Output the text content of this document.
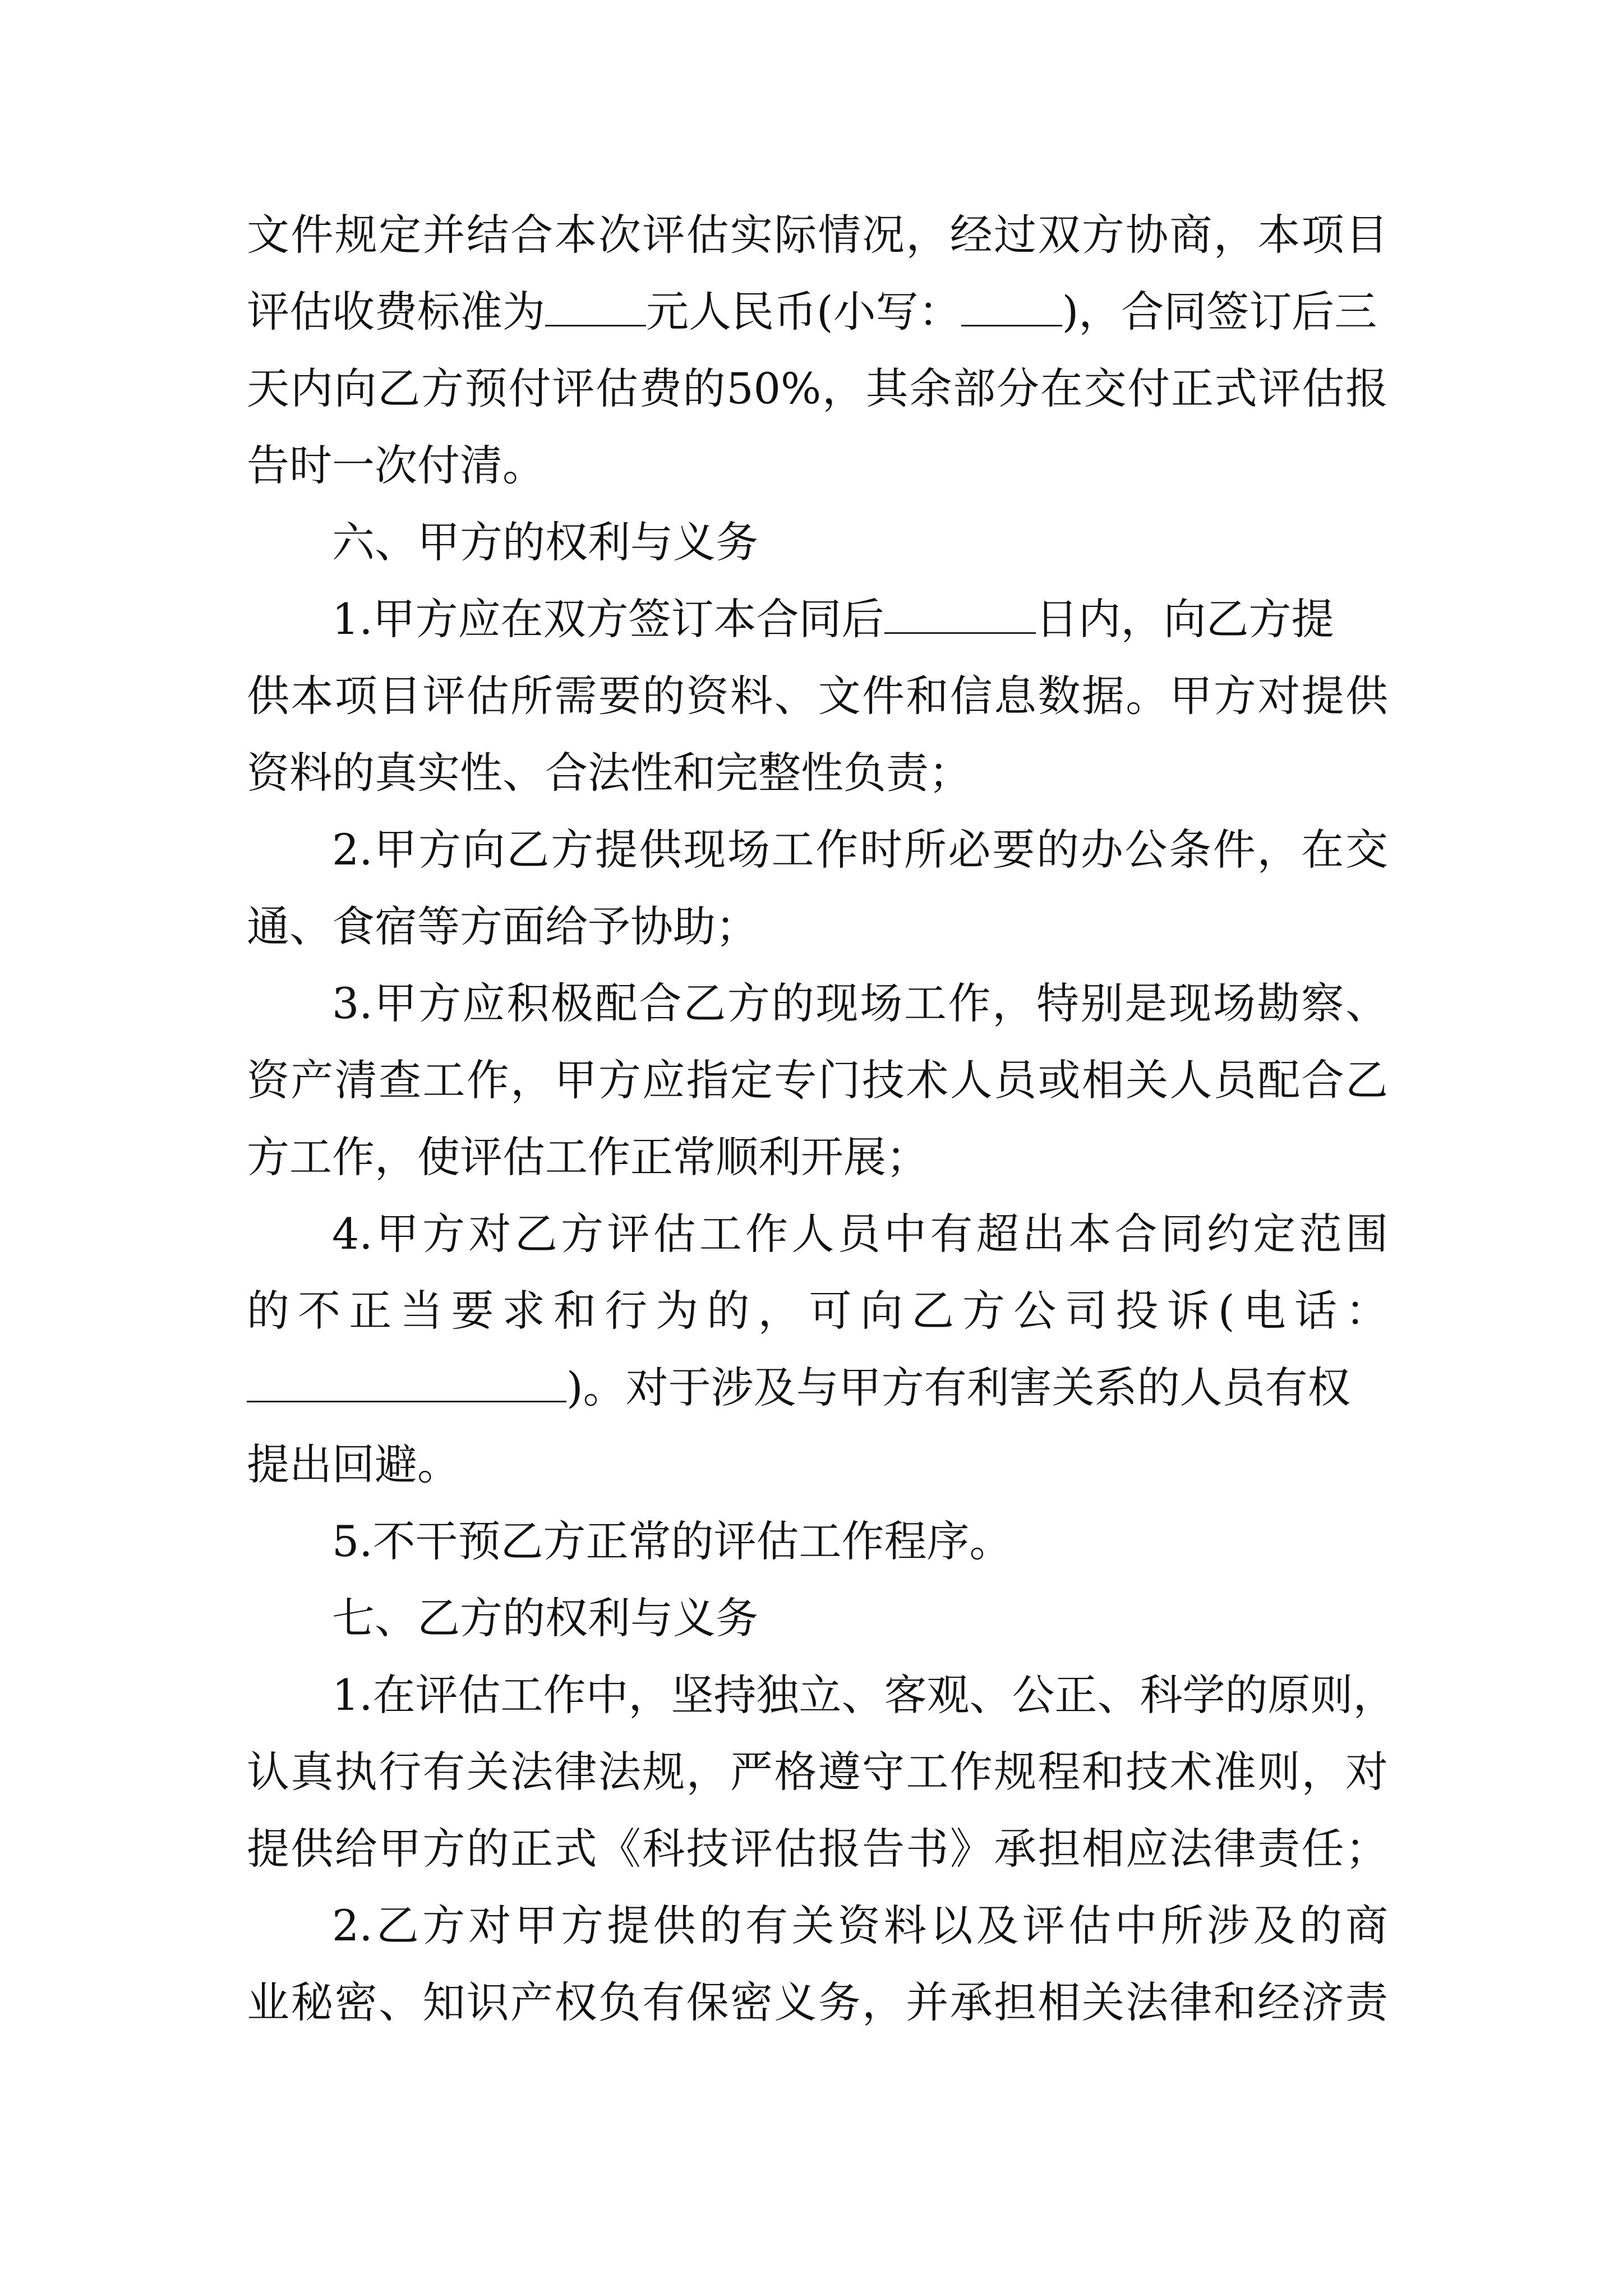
文件规定并结合本次评估实际情况，经过双方协商，本项目
评估收费标准为 元人民币(小写： )，合同签订后三
天内向乙方预付评估费的50%，其余部分在交付正式评估报
告时一次付清。
六、甲方的权利与义务
1.甲方应在双方签订本合同后	日内，向乙方提
供本项目评估所需要的资料、文件和信息数据。甲方对提供
资料的真实性、合法性和完整性负责；
2.甲方向乙方提供现场工作时所必要的办公条件，在交
通、食宿等方面给予协助；
3.甲方应积极配合乙方的现场工作，特别是现场勘察、
资产清查工作，甲方应指定专门技术人员或相关人员配合乙
方工作，使评估工作正常顺利开展；
4.甲方对乙方评估工作人员中有超出本合同约定范围
的不正当要求和行为的，可向乙方公司投诉(电话：
)。对于涉及与甲方有利害关系的人员有权
提出回避。
5.不干预乙方正常的评估工作程序。
七、乙方的权利与义务
1.在评估工作中，坚持独立、客观、公正、科学的原则，
认真执行有关法律法规，严格遵守工作规程和技术准则，对
提供给甲方的正式《科技评估报告书》承担相应法律责任；
2.乙方对甲方提供的有关资料以及评估中所涉及的商
业秘密、知识产权负有保密义务，并承担相关法律和经济责
